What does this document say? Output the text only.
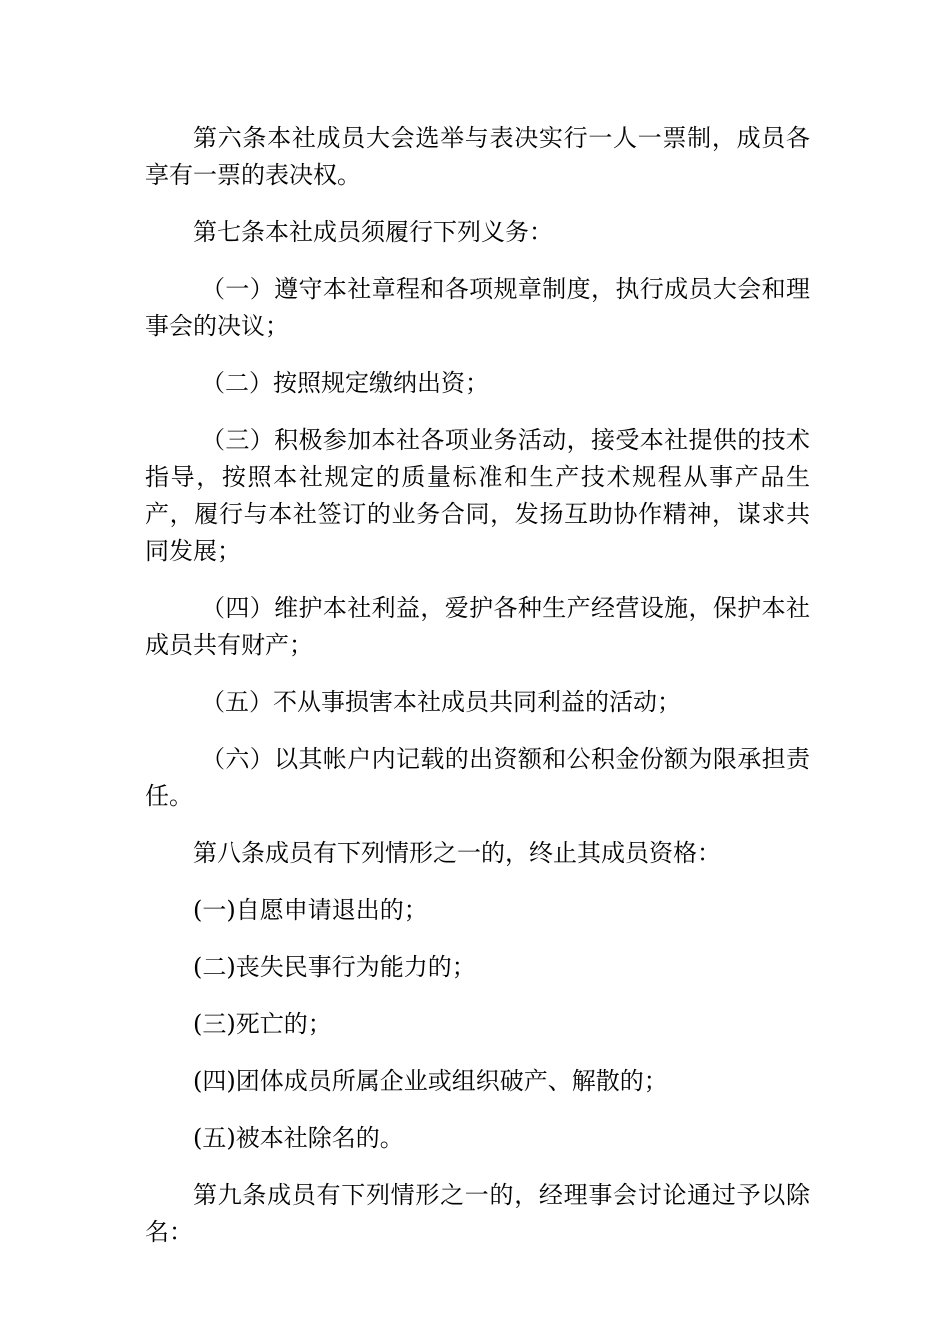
第六条本社成员大会选举与表决实行一人一票制，成员各享有一票的表决权。

第七条本社成员须履行下列义务：

（一）遵守本社章程和各项规章制度，执行成员大会和理事会的决议；

（二）按照规定缴纳出资；

（三）积极参加本社各项业务活动，接受本社提供的技术指导，按照本社规定的质量标准和生产技术规程从事产品生产，履行与本社签订的业务合同，发扬互助协作精神，谋求共同发展；

（四）维护本社利益，爱护各种生产经营设施，保护本社成员共有财产；

（五）不从事损害本社成员共同利益的活动；

（六）以其帐户内记载的出资额和公积金份额为限承担责任。

第八条成员有下列情形之一的，终止其成员资格：

(一)自愿申请退出的；

(二)丧失民事行为能力的；

(三)死亡的；

(四)团体成员所属企业或组织破产、解散的；

(五)被本社除名的。

第九条成员有下列情形之一的，经理事会讨论通过予以除名：
